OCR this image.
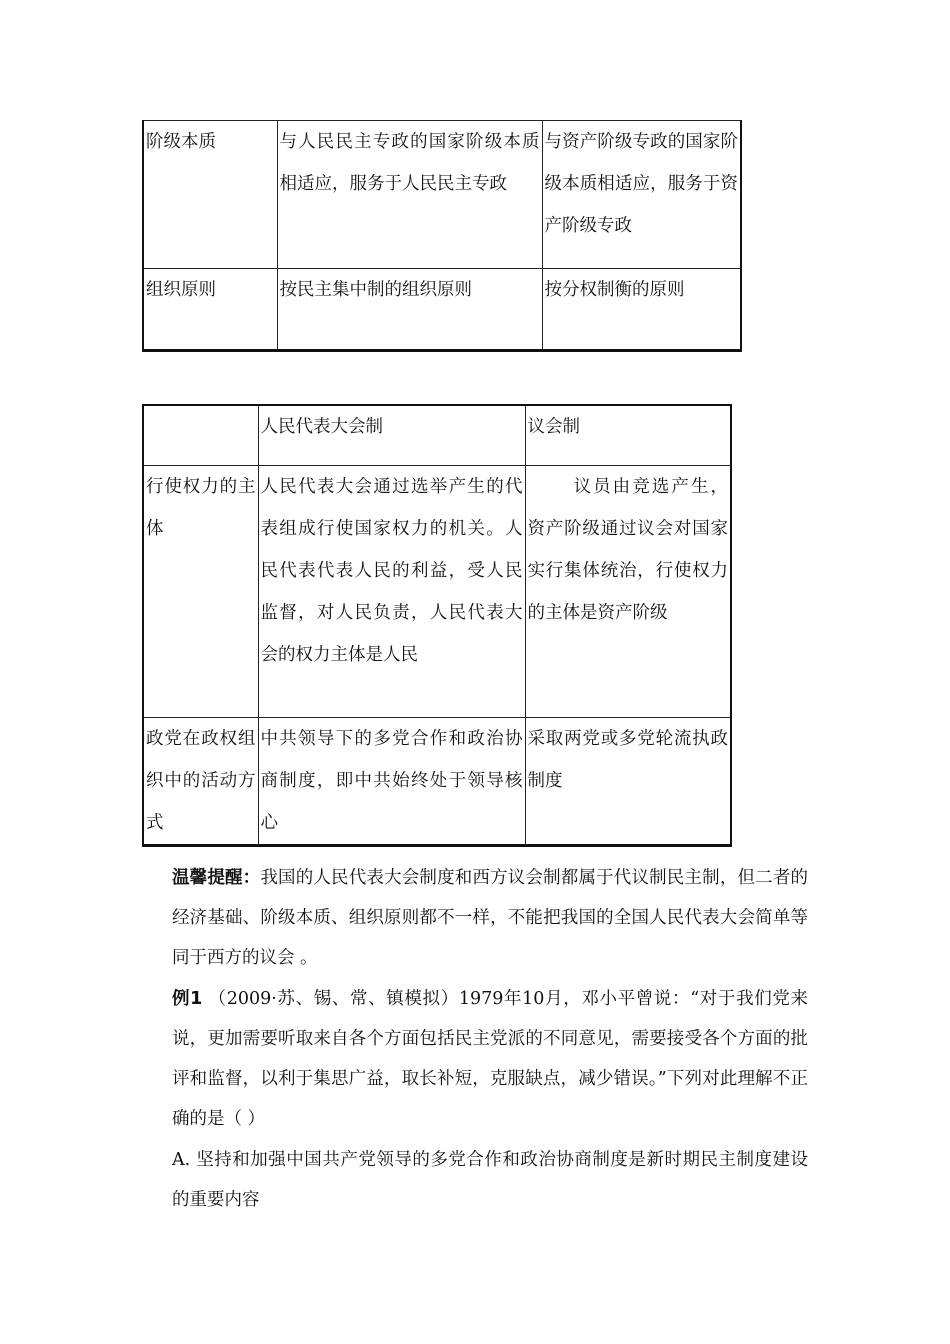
阶级本质	与人民民主专政的国家阶级本质相适应，服务于人民民主专政	与资产阶级专政的国家阶级本质相适应，服务于资产阶级专政
组织原则	按民主集中制的组织原则	按分权制衡的原则
	人民代表大会制	议会制
行使权力的主体	人民代表大会通过选举产生的代表组成行使国家权力的机关。人民代表代表人民的利益，受人民监督，对人民负责，人民代表大会的权力主体是人民	议员由竞选产生，资产阶级通过议会对国家实行集体统治，行使权力的主体是资产阶级
政党在政权组织中的活动方式	中共领导下的多党合作和政治协商制度，即中共始终处于领导核心	采取两党或多党轮流执政制度
温馨提醒：我国的人民代表大会制度和西方议会制都属于代议制民主制，但二者的经济基础、阶级本质、组织原则都不一样，不能把我国的全国人民代表大会简单等同于西方的议会 。
例1 （2009·苏、锡、常、镇模拟）1979年10月，邓小平曾说：“对于我们党来说，更加需要听取来自各个方面包括民主党派的不同意见，需要接受各个方面的批评和监督，以利于集思广益，取长补短，克服缺点，减少错误。”下列对此理解不正确的是（ ）
A. 坚持和加强中国共产党领导的多党合作和政治协商制度是新时期民主制度建设的重要内容
